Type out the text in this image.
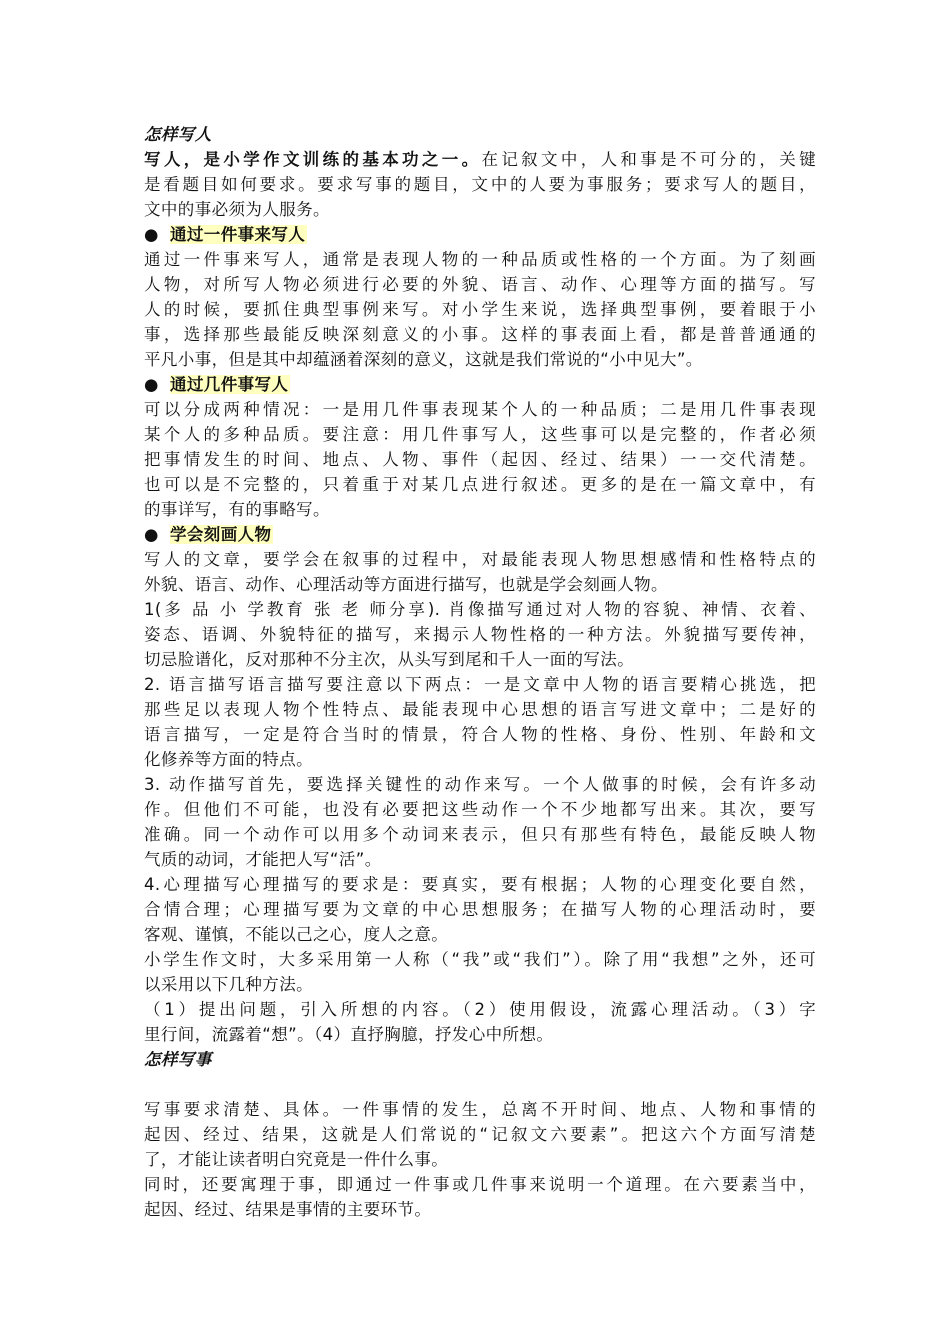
怎样写人
写人，是小学作文训练的基本功之一。在记叙文中，人和事是不可分的，关键
是看题目如何要求。要求写事的题目，文中的人要为事服务；要求写人的题目，
文中的事必须为人服务。
● 通过一件事来写人
通过一件事来写人，通常是表现人物的一种品质或性格的一个方面。为了刻画
人物，对所写人物必须进行必要的外貌、语言、动作、心理等方面的描写。写
人的时候，要抓住典型事例来写。对小学生来说，选择典型事例，要着眼于小
事，选择那些最能反映深刻意义的小事。这样的事表面上看，都是普普通通的
平凡小事，但是其中却蕴涵着深刻的意义，这就是我们常说的“小中见大”。
● 通过几件事写人
可以分成两种情况：一是用几件事表现某个人的一种品质；二是用几件事表现
某个人的多种品质。要注意：用几件事写人，这些事可以是完整的，作者必须
把事情发生的时间、地点、人物、事件（起因、经过、结果）一一交代清楚。
也可以是不完整的，只着重于对某几点进行叙述。更多的是在一篇文章中，有
的事详写，有的事略写。
● 学会刻画人物
写人的文章，要学会在叙事的过程中，对最能表现人物思想感情和性格特点的
外貌、语言、动作、心理活动等方面进行描写，也就是学会刻画人物。
1(多 品 小 学教育 张 老 师分享). 肖像描写通过对人物的容貌、神情、衣着、
姿态、语调、外貌特征的描写，来揭示人物性格的一种方法。外貌描写要传神，
切忌脸谱化，反对那种不分主次，从头写到尾和千人一面的写法。
2. 语言描写语言描写要注意以下两点：一是文章中人物的语言要精心挑选，把
那些足以表现人物个性特点、最能表现中心思想的语言写进文章中；二是好的
语言描写，一定是符合当时的情景，符合人物的性格、身份、性别、年龄和文
化修养等方面的特点。
3. 动作描写首先，要选择关键性的动作来写。一个人做事的时候，会有许多动
作。但他们不可能，也没有必要把这些动作一个不少地都写出来。其次，要写
准确。同一个动作可以用多个动词来表示，但只有那些有特色，最能反映人物
气质的动词，才能把人写“活”。
4.心理描写心理描写的要求是：要真实，要有根据；人物的心理变化要自然，
合情合理；心理描写要为文章的中心思想服务；在描写人物的心理活动时，要
客观、谨慎，不能以己之心，度人之意。
小学生作文时，大多采用第一人称（“我”或“我们”）。除了用“我想”之外，还可
以采用以下几种方法。
（1）提出问题，引入所想的内容。（2）使用假设，流露心理活动。（3）字
里行间，流露着“想”。（4）直抒胸臆，抒发心中所想。
怎样写事
写事要求清楚、具体。一件事情的发生，总离不开时间、地点、人物和事情的
起因、经过、结果，这就是人们常说的“记叙文六要素”。把这六个方面写清楚
了，才能让读者明白究竟是一件什么事。
同时，还要寓理于事，即通过一件事或几件事来说明一个道理。在六要素当中，
起因、经过、结果是事情的主要环节。
